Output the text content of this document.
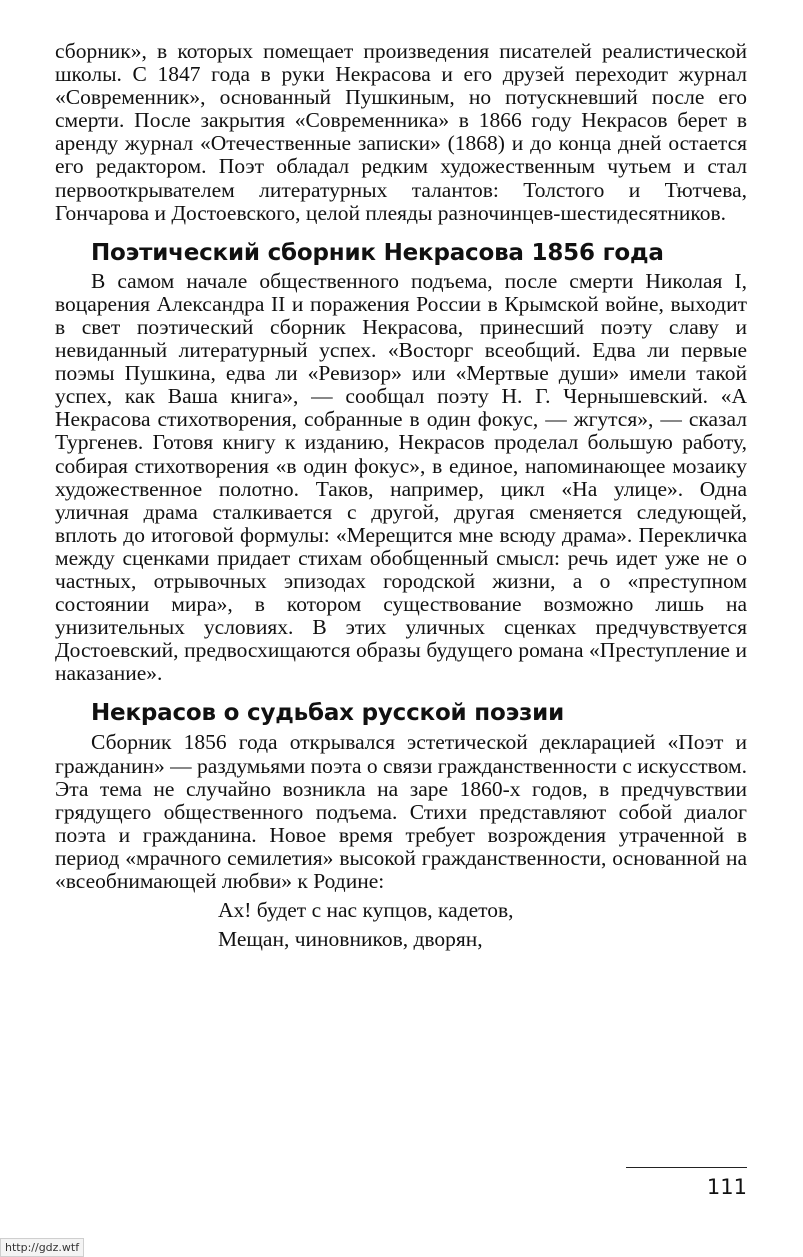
сборник», в которых помещает произведения писателей реалистической школы. С 1847 года в руки Некрасова и его друзей переходит журнал «Современник», основанный Пушкиным, но потускневший после его смерти. После закрытия «Современника» в 1866 году Некрасов берет в аренду журнал «Отечественные записки» (1868) и до конца дней остается его редактором. Поэт обладал редким художественным чутьем и стал первооткрывателем литературных талантов: Толстого и Тютчева, Гончарова и Достоевского, целой плеяды разночинцев-шестидесятников.

Поэтический сборник Некрасова 1856 года

В самом начале общественного подъема, после смерти Николая I, воцарения Александра II и поражения России в Крымской войне, выходит в свет поэтический сборник Некрасова, принесший поэту славу и невиданный литературный успех. «Восторг всеобщий. Едва ли первые поэмы Пушкина, едва ли «Ревизор» или «Мертвые души» имели такой успех, как Ваша книга», — сообщал поэту Н. Г. Чернышевский. «А Некрасова стихотворения, собранные в один фокус, — жгутся», — сказал Тургенев. Готовя книгу к изданию, Некрасов проделал большую работу, собирая стихотворения «в один фокус», в единое, напоминающее мозаику художественное полотно. Таков, например, цикл «На улице». Одна уличная драма сталкивается с другой, другая сменяется следующей, вплоть до итоговой формулы: «Мерещится мне всюду драма». Перекличка между сценками придает стихам обобщенный смысл: речь идет уже не о частных, отрывочных эпизодах городской жизни, а о «преступном состоянии мира», в котором существование возможно лишь на унизительных условиях. В этих уличных сценках предчувствуется Достоевский, предвосхищаются образы будущего романа «Преступление и наказание».

Некрасов о судьбах русской поэзии

Сборник 1856 года открывался эстетической декларацией «Поэт и гражданин» — раздумьями поэта о связи гражданственности с искусством. Эта тема не случайно возникла на заре 1860-х годов, в предчувствии грядущего общественного подъема. Стихи представляют собой диалог поэта и гражданина. Новое время требует возрождения утраченной в период «мрачного семилетия» высокой гражданственности, основанной на «всеобнимающей любви» к Родине:

Ах! будет с нас купцов, кадетов,
Мещан, чиновников, дворян,
111
http://gdz.wtf
